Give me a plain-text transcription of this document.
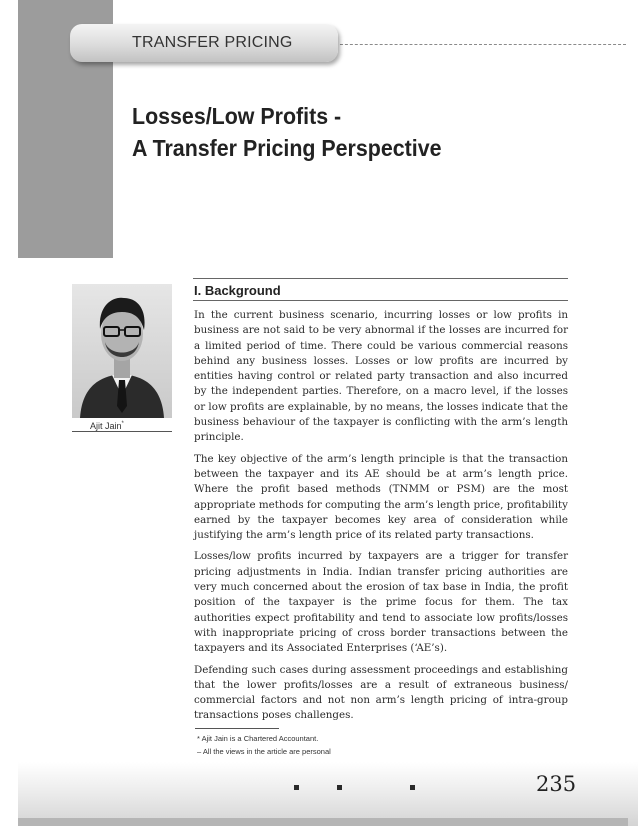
TRANSFER PRICING
Losses/Low Profits -
A Transfer Pricing Perspective
Ajit Jain*
I. Background

In the current business scenario, incurring losses or low profits in business are not said to be very abnormal if the losses are incurred for a limited period of time. There could be various commercial reasons behind any business losses. Losses or low profits are incurred by entities having control or related party transaction and also incurred by the independent parties. Therefore, on a macro level, if the losses or low profits are explainable, by no means, the losses indicate that the business behaviour of the taxpayer is conflicting with the arm’s length principle.

The key objective of the arm’s length principle is that the transaction between the taxpayer and its AE should be at arm’s length price. Where the profit based methods (TNMM or PSM) are the most appropriate methods for computing the arm’s length price, profitability earned by the taxpayer becomes key area of consideration while justifying the arm’s length price of its related party transactions.

Losses/low profits incurred by taxpayers are a trigger for transfer pricing adjustments in India. Indian transfer pricing authorities are very much concerned about the erosion of tax base in India, the profit position of the taxpayer is the prime focus for them. The tax authorities expect profitability and tend to associate low profits/losses with inappropriate pricing of cross border transactions between the taxpayers and its Associated Enterprises (‘AE’s).

Defending such cases during assessment proceedings and establishing that the lower profits/losses are a result of extraneous business/ commercial factors and not non arm’s length pricing of intra-group transactions poses challenges.

* Ajit Jain is a Chartered Accountant.
– All the views in the article are personal
235
